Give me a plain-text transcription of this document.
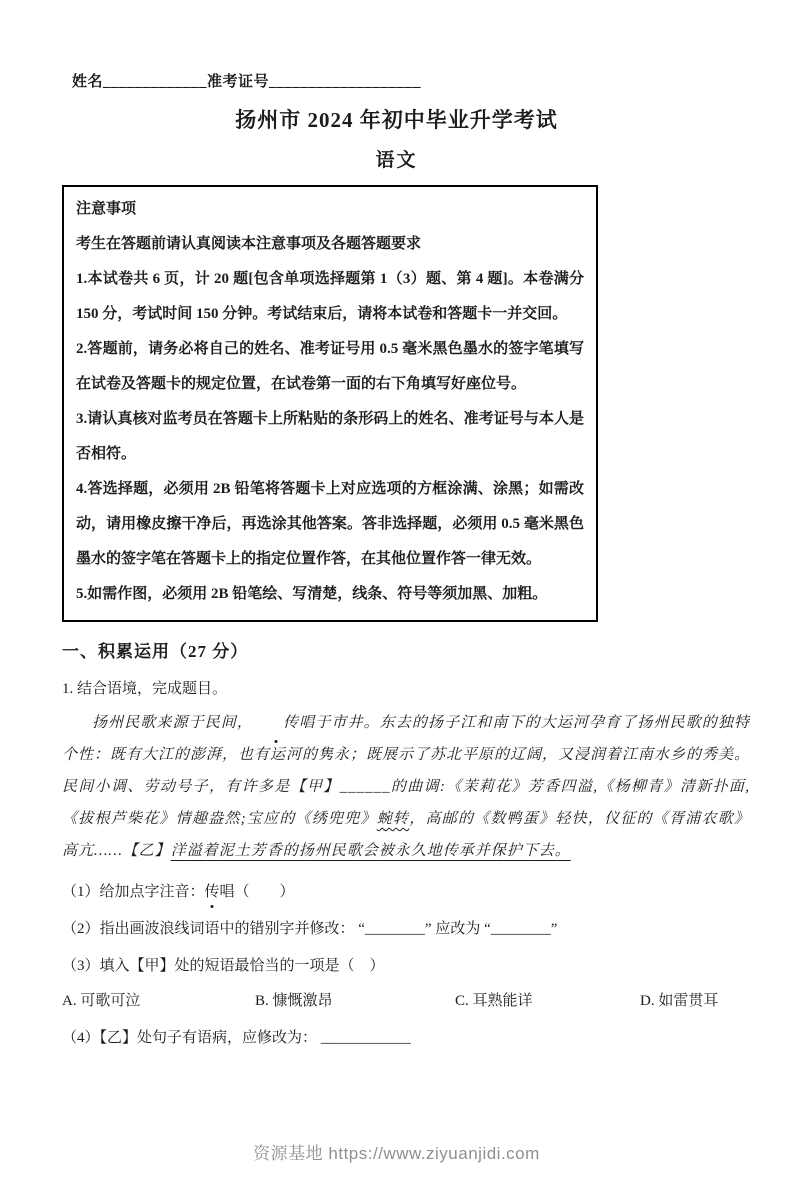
姓名_____________准考证号___________________
扬州市 2024 年初中毕业升学考试
语文

注意事项

考生在答题前请认真阅读本注意事项及各题答题要求

1.本试卷共 6 页，计 20 题[包含单项选择题第 1（3）题、第 4 题]。本卷满分 150 分，考试时间 150 分钟。考试结束后，请将本试卷和答题卡一并交回。

2.答题前，请务必将自己的姓名、准考证号用 0.5 毫米黑色墨水的签字笔填写在试卷及答题卡的规定位置，在试卷第一面的右下角填写好座位号。

3.请认真核对监考员在答题卡上所粘贴的条形码上的姓名、准考证号与本人是否相符。

4.答选择题，必须用 2B 铅笔将答题卡上对应选项的方框涂满、涂黑；如需改动，请用橡皮擦干净后，再选涂其他答案。答非选择题，必须用 0.5 毫米黑色墨水的签字笔在答题卡上的指定位置作答，在其他位置作答一律无效。

5.如需作图，必须用 2B 铅笔绘、写清楚，线条、符号等须加黑、加粗。

一、积累运用（27 分）
1. 结合语境，完成题目。
扬州民歌来源于民间， 传唱于市井。东去的扬子江和南下的大运河孕育了扬州民歌的独特个性：既有大江的澎湃，也有运河的隽永；既展示了苏北平原的辽阔，又浸润着江南水乡的秀美。民间小调、劳动号子，有许多是【甲】______的曲调:《茉莉花》芳香四溢,《杨柳青》清新扑面,《拔根芦柴花》情趣盎然;宝应的《绣兜兜》蜿转，高邮的《数鸭蛋》轻快，仪征的《胥浦农歌》高亢……【乙】洋溢着泥土芳香的扬州民歌会被永久地传承并保护下去。
（1）给加点字注音：传唱（　　）
（2）指出画波浪线词语中的错别字并修改： “________” 应改为 “________”
（3）填入【甲】处的短语最恰当的一项是（　）
A. 可歌可泣	B. 慷慨激昂	C. 耳熟能详	D. 如雷贯耳
（4）【乙】处句子有语病，应修改为： ____________
资源基地 https://www.ziyuanjidi.com
